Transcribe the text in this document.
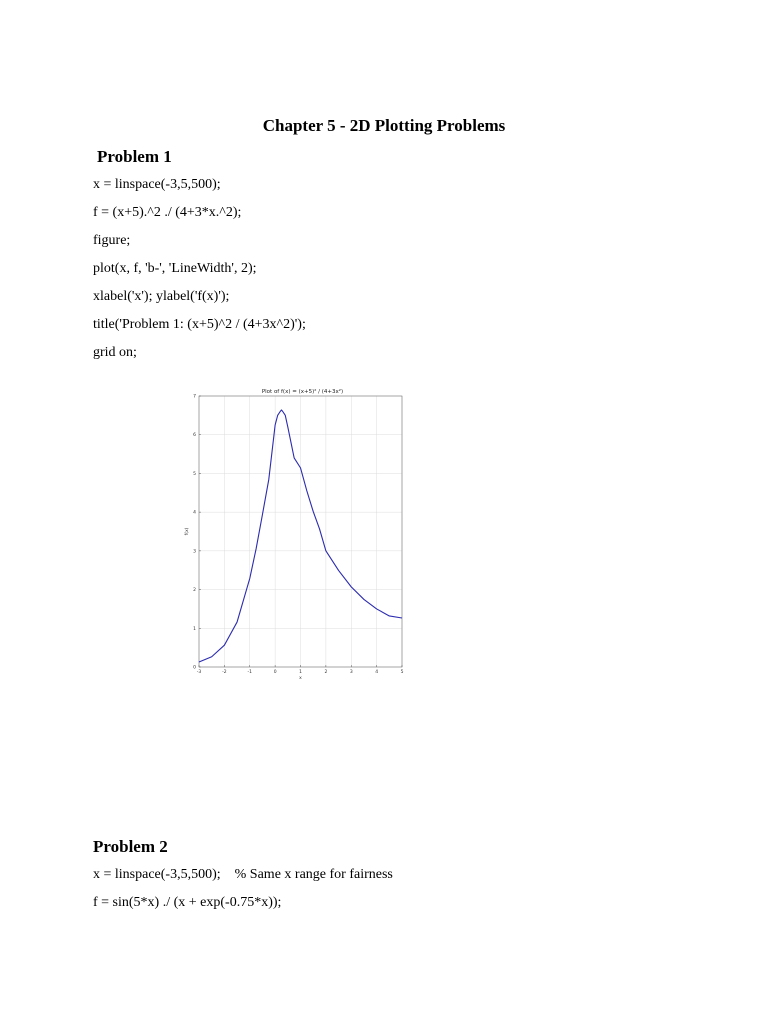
Chapter 5 - 2D Plotting Problems
Problem 1
x = linspace(-3,5,500);
f = (x+5).^2 ./ (4+3*x.^2);
figure;
plot(x, f, 'b-', 'LineWidth', 2);
xlabel('x'); ylabel('f(x)');
title('Problem 1: (x+5)^2 / (4+3x^2)');
grid on;
-3	-2	-1	0	1	2	3	4	5
0
1
2
3
4
5
6
7
x
f(x)
Plot of f(x) = (x+5)² / (4+3x²)
Problem 2
x = linspace(-3,5,500);    % Same x range for fairness
f = sin(5*x) ./ (x + exp(-0.75*x));
